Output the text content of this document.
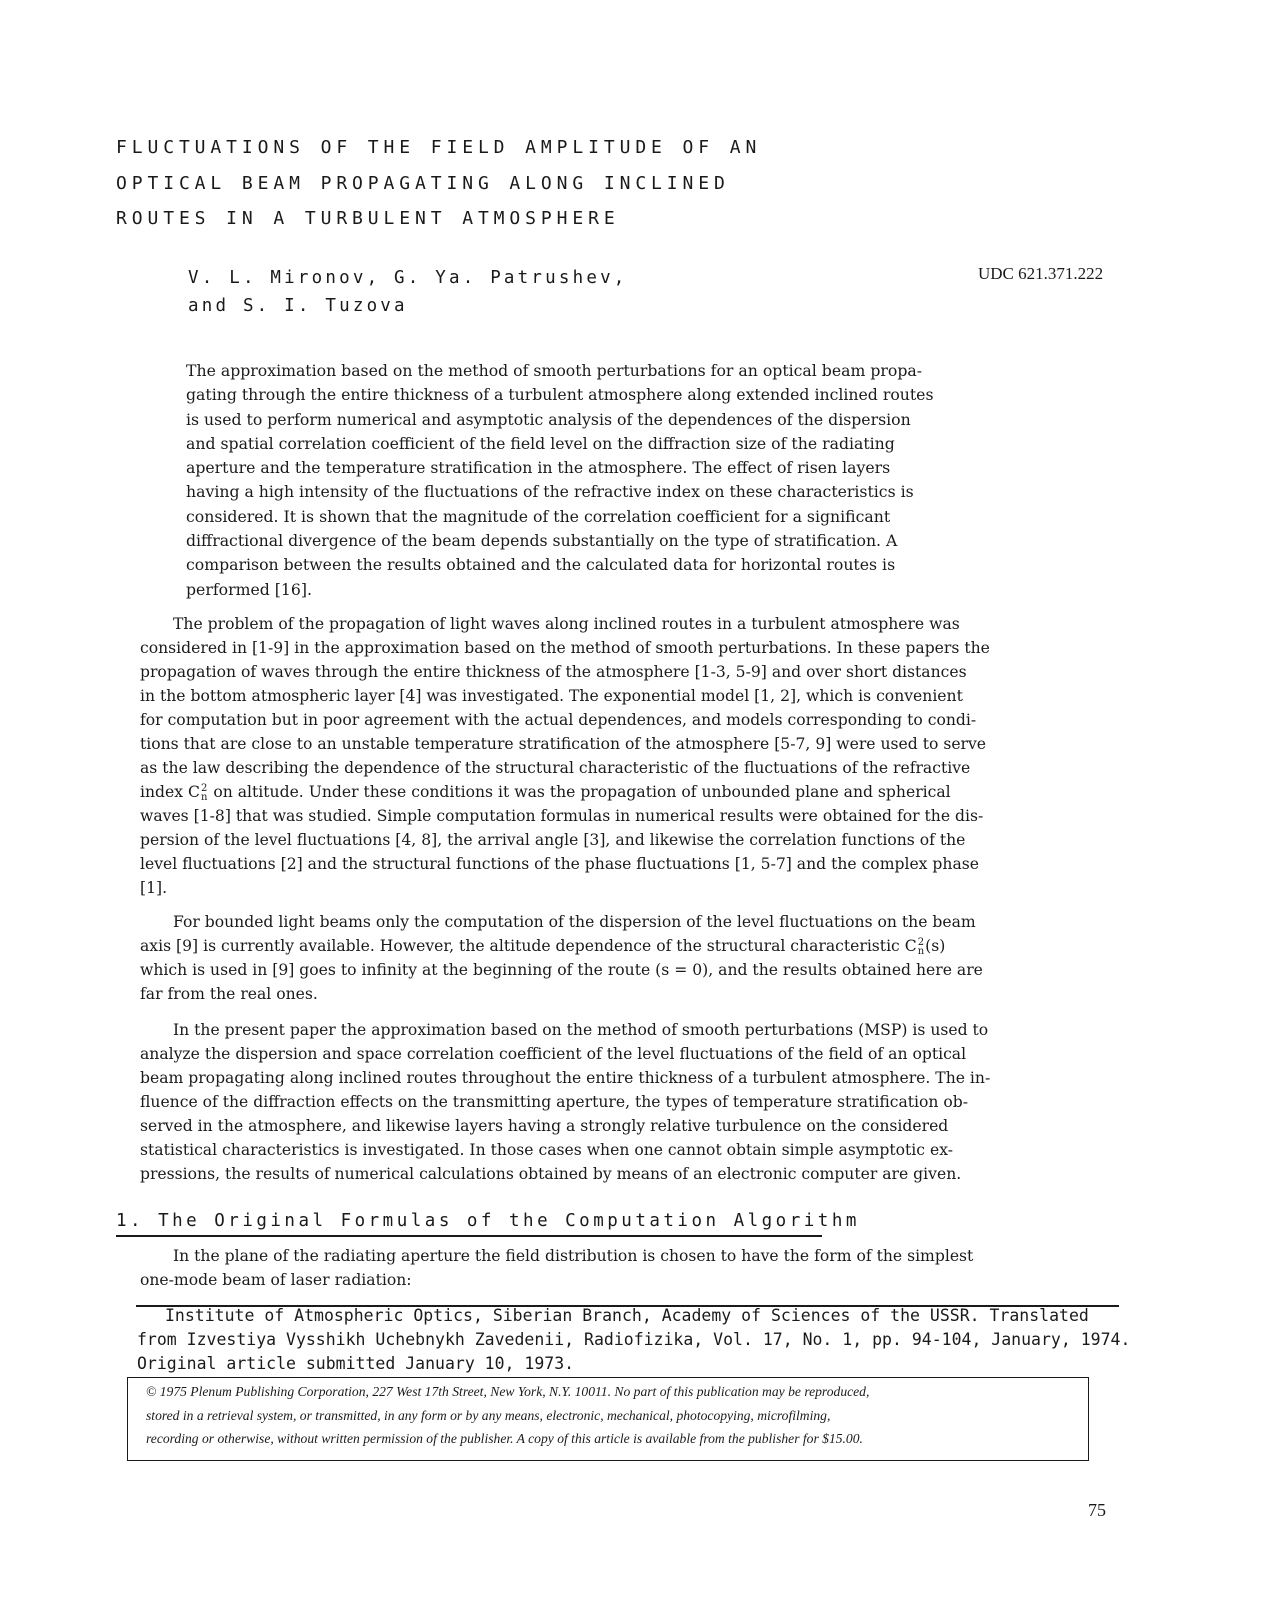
FLUCTUATIONS OF THE FIELD AMPLITUDE OF AN
OPTICAL BEAM PROPAGATING ALONG INCLINED
ROUTES IN A TURBULENT ATMOSPHERE
V. L. Mironov, G. Ya. Patrushev,
and S. I. Tuzova
UDC 621.371.222
The approximation based on the method of smooth perturbations for an optical beam propa-
gating through the entire thickness of a turbulent atmosphere along extended inclined routes
is used to perform numerical and asymptotic analysis of the dependences of the dispersion
and spatial correlation coefficient of the field level on the diffraction size of the radiating
aperture and the temperature stratification in the atmosphere. The effect of risen layers
having a high intensity of the fluctuations of the refractive index on these characteristics is
considered. It is shown that the magnitude of the correlation coefficient for a significant
diffractional divergence of the beam depends substantially on the type of stratification. A
comparison between the results obtained and the calculated data for horizontal routes is
performed [16].
The problem of the propagation of light waves along inclined routes in a turbulent atmosphere was
considered in [1-9] in the approximation based on the method of smooth perturbations. In these papers the
propagation of waves through the entire thickness of the atmosphere [1-3, 5-9] and over short distances
in the bottom atmospheric layer [4] was investigated. The exponential model [1, 2], which is convenient
for computation but in poor agreement with the actual dependences, and models corresponding to condi-
tions that are close to an unstable temperature stratification of the atmosphere [5-7, 9] were used to serve
as the law describing the dependence of the structural characteristic of the fluctuations of the refractive
index C 2
n on altitude. Under these conditions it was the propagation of unbounded plane and spherical
waves [1-8] that was studied. Simple computation formulas in numerical results were obtained for the dis-
persion of the level fluctuations [4, 8], the arrival angle [3], and likewise the correlation functions of the
level fluctuations [2] and the structural functions of the phase fluctuations [1, 5-7] and the complex phase
[1].
For bounded light beams only the computation of the dispersion of the level fluctuations on the beam
axis [9] is currently available. However, the altitude dependence of the structural characteristic C 2
n (s)
which is used in [9] goes to infinity at the beginning of the route (s = 0), and the results obtained here are
far from the real ones.
In the present paper the approximation based on the method of smooth perturbations (MSP) is used to
analyze the dispersion and space correlation coefficient of the level fluctuations of the field of an optical
beam propagating along inclined routes throughout the entire thickness of a turbulent atmosphere. The in-
fluence of the diffraction effects on the transmitting aperture, the types of temperature stratification ob-
served in the atmosphere, and likewise layers having a strongly relative turbulence on the considered
statistical characteristics is investigated. In those cases when one cannot obtain simple asymptotic ex-
pressions, the results of numerical calculations obtained by means of an electronic computer are given.
1. The Original Formulas of the Computation Algorithm
In the plane of the radiating aperture the field distribution is chosen to have the form of the simplest
one-mode beam of laser radiation:
Institute of Atmospheric Optics, Siberian Branch, Academy of Sciences of the USSR. Translated
from Izvestiya Vysshikh Uchebnykh Zavedenii, Radiofizika, Vol. 17, No. 1, pp. 94-104, January, 1974.
Original article submitted January 10, 1973.
© 1975 Plenum Publishing Corporation, 227 West 17th Street, New York, N.Y. 10011. No part of this publication may be reproduced,
stored in a retrieval system, or transmitted, in any form or by any means, electronic, mechanical, photocopying, microfilming,
recording or otherwise, without written permission of the publisher. A copy of this article is available from the publisher for $15.00.
75
